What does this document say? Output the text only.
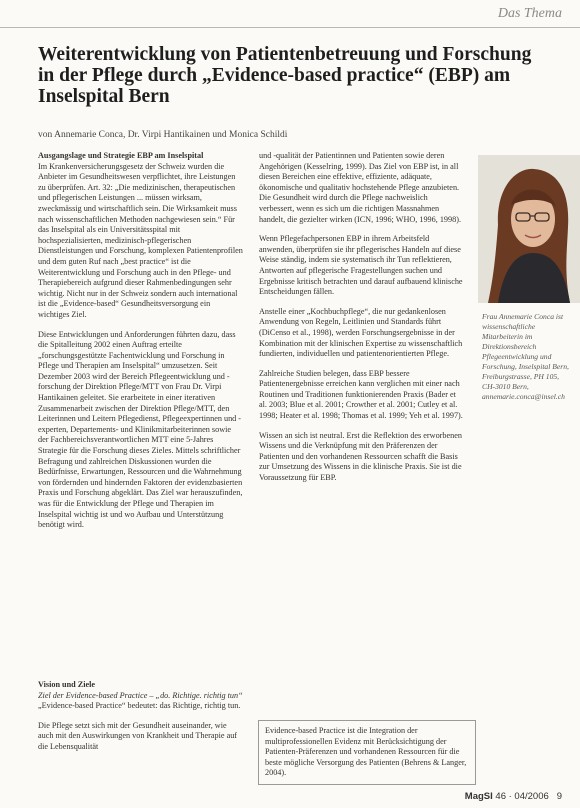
Das Thema
Weiterentwicklung von Patientenbetreuung und Forschung in der Pflege durch „Evidence-based practice“ (EBP) am Inselspital Bern
von Annemarie Conca, Dr. Virpi Hantikainen und Monica Schildi

Ausgangslage und Strategie EBP am Inselspital
Im Krankenversicherungsgesetz der Schweiz wurden die Anbieter im Gesundheitswesen verpflichtet, ihre Leistungen zu überprüfen. Art. 32: „Die medizinischen, therapeutischen und pflegerischen Leistungen ... müssen wirksam, zweckmässig und wirtschaftlich sein. Die Wirksamkeit muss nach wissenschaftlichen Methoden nachgewiesen sein.“ Für das Inselspital als ein Universitätsspital mit hochspezialisierten, medizinisch-pflegerischen Dienstleistungen und Forschung, komplexen Patientenprofilen und dem guten Ruf nach „best practice“ ist die Weiterentwicklung und Forschung auch in den Pflege- und Therapiebereich aufgrund dieser Rahmenbedingungen sehr wichtig. Nicht nur in der Schweiz sondern auch international ist die „Evidence-based“ Gesundheitsversorgung ein wichtiges Ziel.

Diese Entwicklungen und Anforderungen führten dazu, dass die Spitalleitung 2002 einen Auftrag erteilte „forschungsgestützte Fachentwicklung und Forschung in Pflege und Therapien am Inselspital“ umzusetzen. Seit Dezember 2003 wird der Bereich Pflegeentwicklung und -forschung der Direktion Pflege/MTT von Frau Dr. Virpi Hantikainen geleitet. Sie erarbeitete in einer iterativen Zusammenarbeit zwischen der Direktion Pflege/MTT, den Leiterinnen und Leitern Pflegedienst, Pflegeexpertinnen und -experten, Departements- und Klinikmitarbeiterinnen sowie der Fachbereichsverantwortlichen MTT eine 5-Jahres Strategie für die Forschung dieses Zieles. Mittels schriftlicher Befragung und zahlreichen Diskussionen wurden die Bedürfnisse, Erwartungen, Ressourcen und die Wahrnehmung von fördernden und hindernden Faktoren der evidenzbasierten Praxis und Forschung abgeklärt. Das Ziel war herauszufinden, was für die Entwicklung der Pflege und Therapien im Inselspital wichtig ist und wo Aufbau und Unterstützung benötigt wird.

und -qualität der Patientinnen und Patienten sowie deren Angehörigen (Kesselring, 1999). Das Ziel von EBP ist, in all diesen Bereichen eine effektive, effiziente, adäquate, ökonomische und qualitativ hochstehende Pflege anzubieten. Die Gesundheit wird durch die Pflege nachweislich verbessert, wenn es sich um die richtigen Massnahmen handelt, die gezielter wirken (ICN, 1996; WHO, 1996, 1998).

Wenn Pflegefachpersonen EBP in ihrem Arbeitsfeld anwenden, überprüfen sie ihr pflegerisches Handeln auf diese Weise ständig, indem sie systematisch ihr Tun reflektieren, Antworten auf pflegerische Fragestellungen suchen und Ergebnisse kritisch betrachten und darauf aufbauend klinische Entscheidungen fällen.

Anstelle einer „Kochbuchpflege“, die nur gedankenlosen Anwendung von Regeln, Leitlinien und Standards führt (DiCenso et al., 1998), werden Forschungsergebnisse in der Kombination mit der klinischen Expertise zu wissenschaftlich fundierten, individuellen und patientenorientierten Pflege.

Zahlreiche Studien belegen, dass EBP bessere Patientenergebnisse erreichen kann verglichen mit einer nach Routinen und Traditionen funktionierenden Praxis (Bader et al. 2003; Blue et al. 2001; Crowther et al. 2001; Cutley et al. 1998; Heater et al. 1998; Thomas et al. 1999; Yeh et al. 1997).

Wissen an sich ist neutral. Erst die Reflektion des erworbenen Wissens und die Verknüpfung mit den Präferenzen der Patienten und den vorhandenen Ressourcen schafft die Basis zur Umsetzung des Wissens in die klinische Praxis. Sie ist die Voraussetzung für EBP.

Frau Annemarie Conca ist wissenschaftliche Mitarbeiterin im Direktionsbereich Pflegeentwicklung und Forschung, Inselspital Bern, Freiburgstrasse, PH 105, CH-3010 Bern, annemarie.conca@insel.ch

Vision und Ziele
Ziel der Evidence-based Practice – „do. Richtige. richtig tun“
„Evidence-based Practice“ bedeutet: das Richtige, richtig tun.

Die Pflege setzt sich mit der Gesundheit auseinander, wie auch mit den Auswirkungen von Krankheit und Therapie auf die Lebensqualität

Evidence-based Practice ist die Integration der multiprofessionellen Evidenz mit Berücksichtigung der Patienten-Präferenzen und vorhandenen Ressourcen für die beste mögliche Versorgung des Patienten (Behrens & Langer, 2004).
MagSI 46 · 04/2006 9
